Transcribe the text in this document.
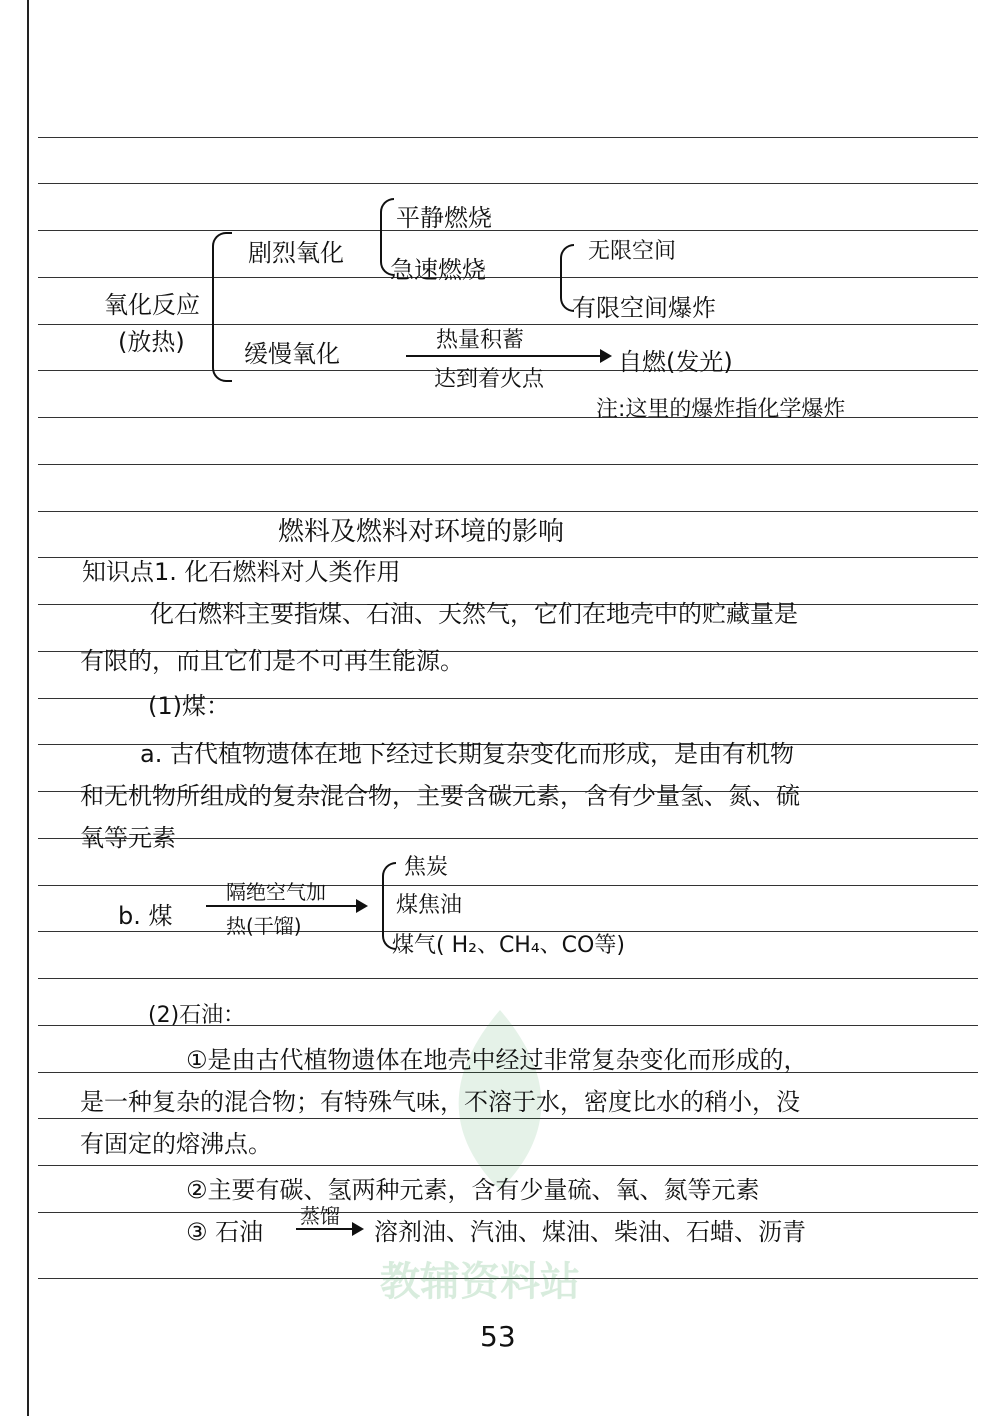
教辅资料站
氧化反应
(放热)
剧烈氧化
平静燃烧
急速燃烧
无限空间
有限空间爆炸
缓慢氧化	热量积蓄
达到着火点
自燃(发光)
注:这里的爆炸指化学爆炸
燃料及燃料对环境的影响
知识点1. 化石燃料对人类作用
化石燃料主要指煤、石油、天然气，它们在地壳中的贮藏量是
有限的，而且它们是不可再生能源。
(1)煤：
a. 古代植物遗体在地下经过长期复杂变化而形成，是由有机物
和无机物所组成的复杂混合物，主要含碳元素，含有少量氢、氮、硫
氧等元素
b. 煤
隔绝空气加
热(干馏)
焦炭
煤焦油
煤气( H₂、CH₄、CO等)
(2)石油：
①是由古代植物遗体在地壳中经过非常复杂变化而形成的，
是一种复杂的混合物；有特殊气味，不溶于水，密度比水的稍小，没
有固定的熔沸点。
②主要有碳、氢两种元素，含有少量硫、氧、氮等元素
③ 石油
蒸馏
溶剂油、汽油、煤油、柴油、石蜡、沥青
53
